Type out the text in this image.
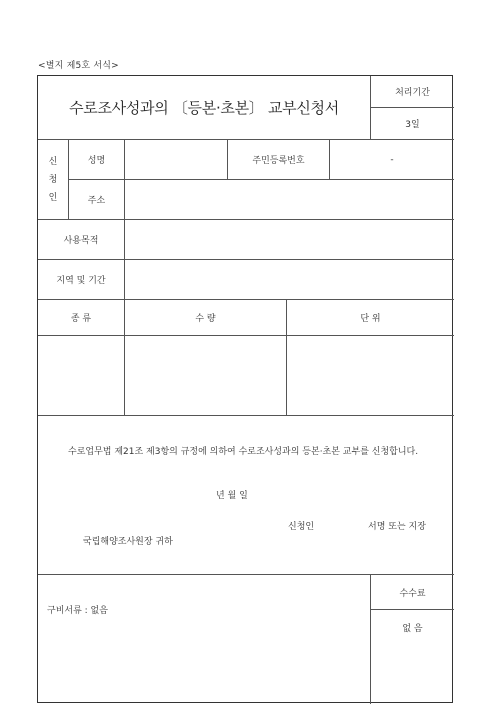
<별지 제5호 서식>
수로조사성과의 〔등본·초본〕 교부신청서
처리기간
3일
신
청
인
성명	주민등록번호	-
주소
사용목적
지역 및 기간
종 류	수 량	단 위
수로업무법 제21조 제3항의 규정에 의하여 수로조사성과의 등본·초본 교부를 신청합니다.
년 월 일
신청인	서명 또는 지장
국립해양조사원장 귀하
구비서류 : 없음
수수료
없 음
